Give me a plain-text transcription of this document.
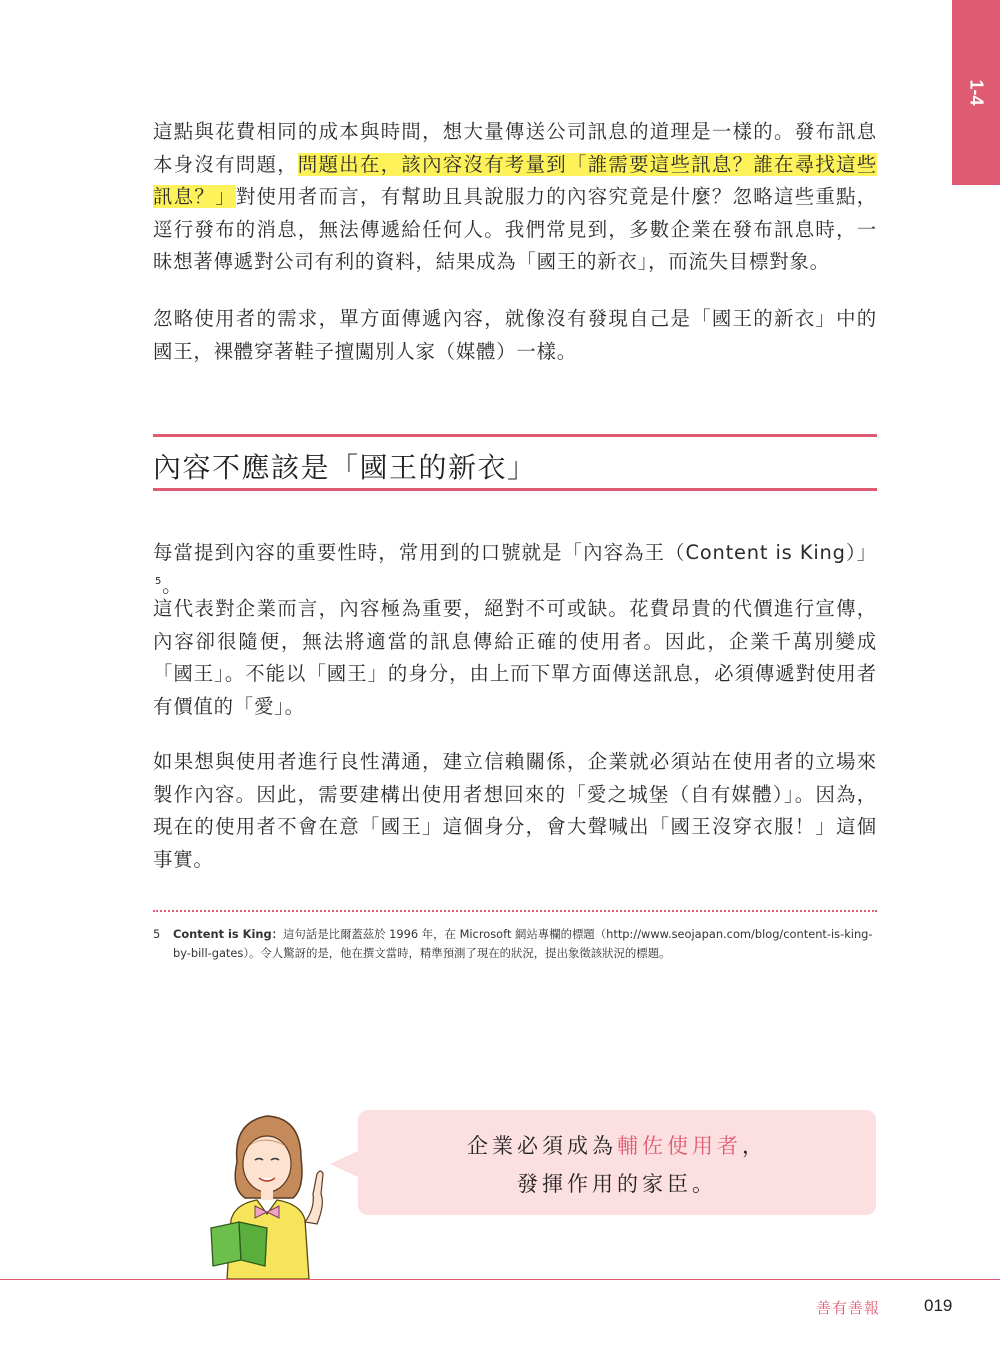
1-4

這點與花費相同的成本與時間，想大量傳送公司訊息的道理是一樣的。發布訊息本身沒有問題，問題出在，該內容沒有考量到「誰需要這些訊息？誰在尋找這些訊息？」對使用者而言，有幫助且具說服力的內容究竟是什麼？忽略這些重點，逕行發布的消息，無法傳遞給任何人。我們常見到，多數企業在發布訊息時，一昧想著傳遞對公司有利的資料，結果成為「國王的新衣」，而流失目標對象。

忽略使用者的需求，單方面傳遞內容，就像沒有發現自己是「國王的新衣」中的國王，裸體穿著鞋子擅闖別人家（媒體）一樣。

內容不應該是「國王的新衣」

每當提到內容的重要性時，常用到的口號就是「內容為王（Content is King）」$^5$。

這代表對企業而言，內容極為重要，絕對不可或缺。花費昂貴的代價進行宣傳，內容卻很隨便，無法將適當的訊息傳給正確的使用者。因此，企業千萬別變成「國王」。不能以「國王」的身分，由上而下單方面傳送訊息，必須傳遞對使用者有價值的「愛」。

如果想與使用者進行良性溝通，建立信賴關係，企業就必須站在使用者的立場來製作內容。因此，需要建構出使用者想回來的「愛之城堡（自有媒體）」。因為，現在的使用者不會在意「國王」這個身分，會大聲喊出「國王沒穿衣服！」這個事實。

5 Content is King：這句話是比爾蓋茲於 1996 年，在 Microsoft 網站專欄的標題（http://www.seojapan.com/blog/content-is-king-by-bill-gates）。令人驚訝的是，他在撰文當時，精準預測了現在的狀況，提出象徵該狀況的標題。
企業必須成為輔佐使用者，
發揮作用的家臣。
善有善報	019
